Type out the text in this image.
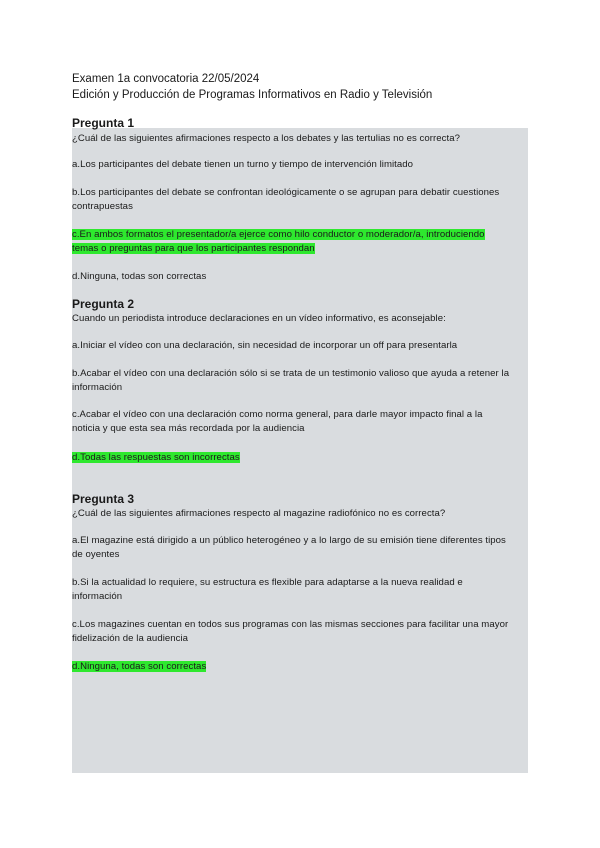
Examen 1a convocatoria 22/05/2024
Edición y Producción de Programas Informativos en Radio y Televisión
Pregunta 1
¿Cuál de las siguientes afirmaciones respecto a los debates y las tertulias no es correcta?
a.Los participantes del debate tienen un turno y tiempo de intervención limitado
b.Los participantes del debate se confrontan ideológicamente o se agrupan para debatir cuestiones
contrapuestas
c.En ambos formatos el presentador/a ejerce como hilo conductor o moderador/a, introduciendo
temas o preguntas para que los participantes respondan
d.Ninguna, todas son correctas
Pregunta 2
Cuando un periodista introduce declaraciones en un vídeo informativo, es aconsejable:
a.Iniciar el vídeo con una declaración, sin necesidad de incorporar un off para presentarla
b.Acabar el vídeo con una declaración sólo si se trata de un testimonio valioso que ayuda a retener la
información
c.Acabar el vídeo con una declaración como norma general, para darle mayor impacto final a la
noticia y que esta sea más recordada por la audiencia
d.Todas las respuestas son incorrectas
Pregunta 3
¿Cuál de las siguientes afirmaciones respecto al magazine radiofónico no es correcta?
a.El magazine está dirigido a un público heterogéneo y a lo largo de su emisión tiene diferentes tipos
de oyentes
b.Si la actualidad lo requiere, su estructura es flexible para adaptarse a la nueva realidad e
información
c.Los magazines cuentan en todos sus programas con las mismas secciones para facilitar una mayor
fidelización de la audiencia
d.Ninguna, todas son correctas
